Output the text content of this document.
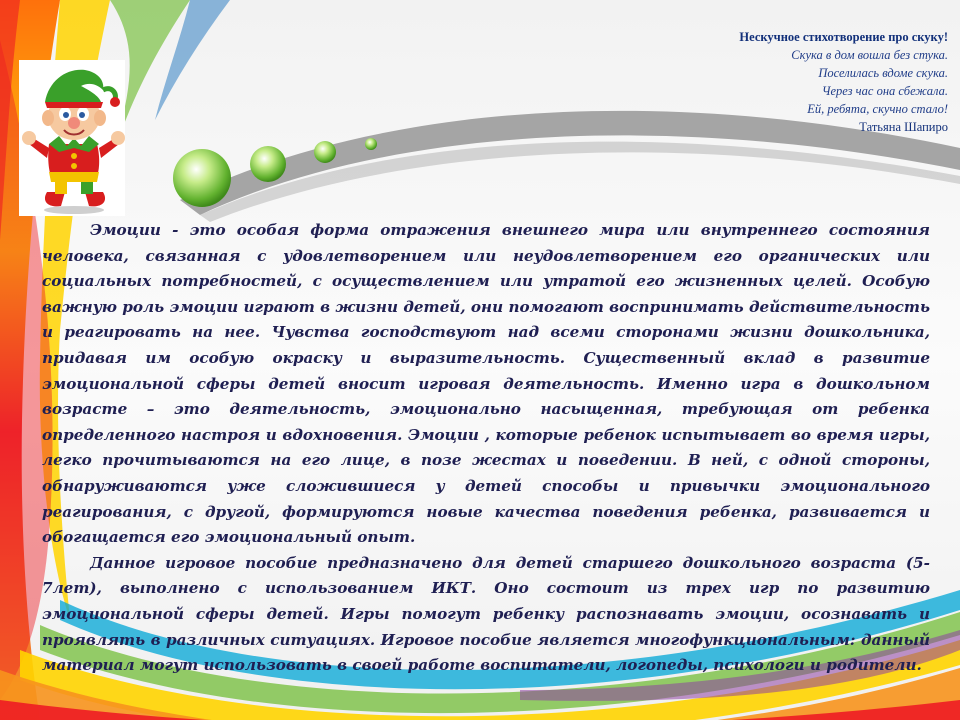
Нескучное стихотворение про скуку!
Скука в дом вошла без стука.
Поселилась вдоме скука.
Через час она сбежала.
Ей, ребята, скучно стало!
Татьяна Шапиро

Эмоции - это особая форма отражения внешнего мира или внутреннего состояния человека, связанная с удовлетворением или неудовлетворением его органических или социальных потребностей, с осуществлением или утратой его жизненных целей. Особую важную роль эмоции играют в жизни детей, они помогают воспринимать действительность и реагировать на нее. Чувства господствуют над всеми сторонами жизни дошкольника, придавая им особую окраску и выразительность. Существенный вклад в развитие эмоциональной сферы детей вносит игровая деятельность. Именно игра в дошкольном возрасте – это деятельность, эмоционально насыщенная, требующая от ребенка определенного настроя и вдохновения. Эмоции , которые ребенок испытывает во время игры, легко прочитываются на его лице, в позе жестах и поведении. В ней, с одной стороны, обнаруживаются уже сложившиеся у детей способы и привычки эмоционального реагирования, с другой, формируются новые качества поведения ребенка, развивается и обогащается его эмоциональный опыт.

Данное игровое пособие предназначено для детей старшего дошкольного возраста (5-7лет), выполнено с использованием ИКТ. Оно состоит из трех игр по развитию эмоциональной сферы детей. Игры помогут ребенку распознавать эмоции, осознавать и проявлять в различных ситуациях. Игровое пособие является многофункциональным: данный материал могут использовать в своей работе воспитатели, логопеды, психологи и родители.
